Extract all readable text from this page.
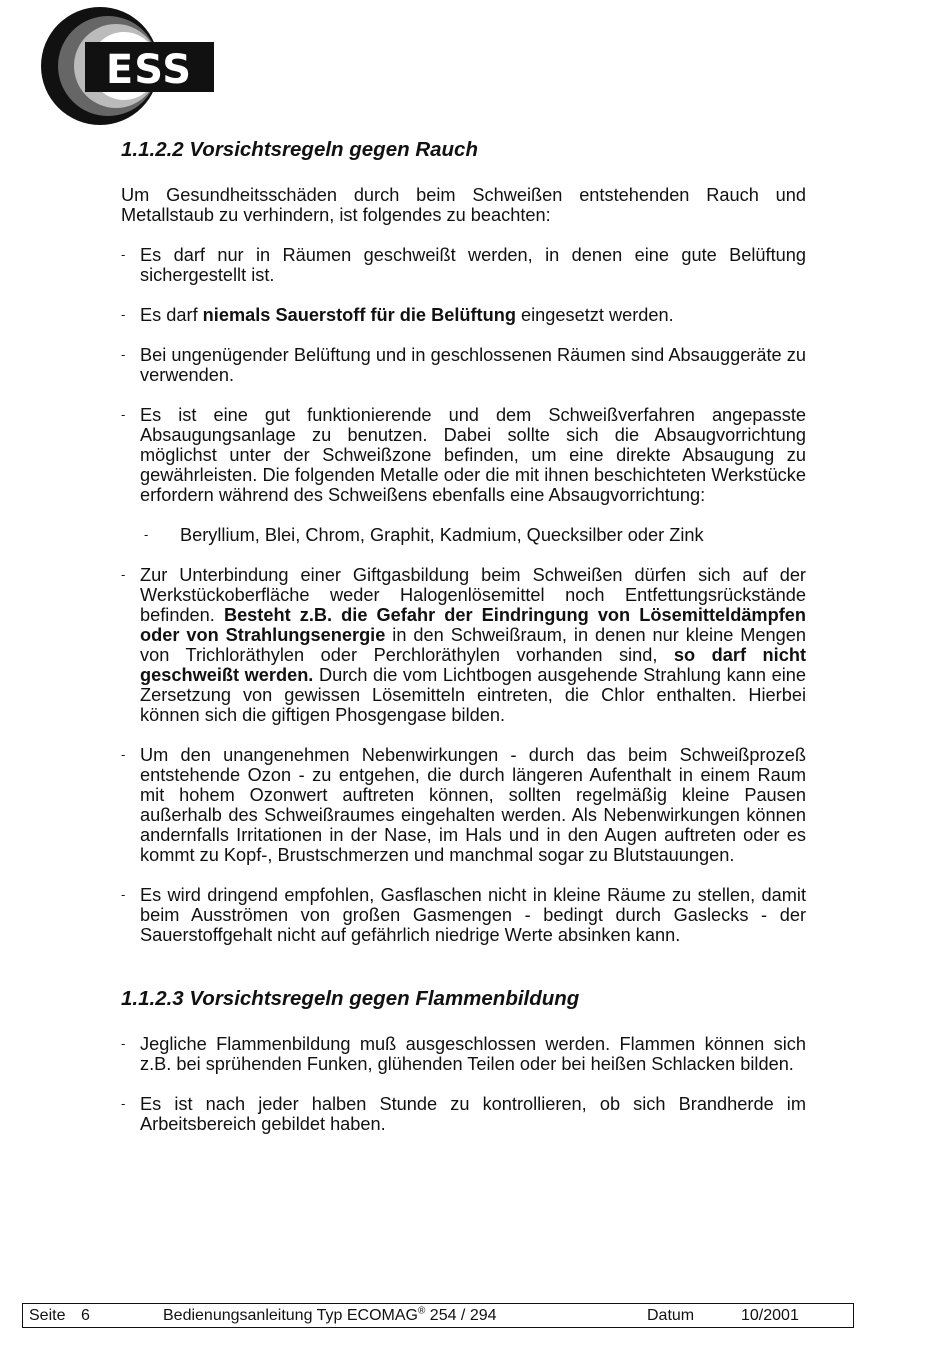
ESS
1.1.2.2 Vorsichtsregeln gegen Rauch

Um Gesundheitsschäden durch beim Schweißen entstehenden Rauch und Metallstaub zu verhindern, ist folgendes zu beachten:

- Es darf nur in Räumen geschweißt werden, in denen eine gute Belüftung sichergestellt ist.
- Es darf niemals Sauerstoff für die Belüftung eingesetzt werden.
- Bei ungenügender Belüftung und in geschlossenen Räumen sind Absauggeräte zu verwenden.
- Es ist eine gut funktionierende und dem Schweißverfahren angepasste Absaugungsanlage zu benutzen. Dabei sollte sich die Absaugvorrichtung möglichst unter der Schweißzone befinden, um eine direkte Absaugung zu gewährleisten. Die folgenden Metalle oder die mit ihnen beschichteten Werkstücke erfordern während des Schweißens ebenfalls eine Absaugvorrichtung:
- Beryllium, Blei, Chrom, Graphit, Kadmium, Quecksilber oder Zink
- Zur Unterbindung einer Giftgasbildung beim Schweißen dürfen sich auf der Werkstückoberfläche weder Halogenlösemittel noch Entfettungsrückstände befinden. Besteht z.B. die Gefahr der Eindringung von Lösemitteldämpfen oder von Strahlungsenergie in den Schweißraum, in denen nur kleine Mengen von Trichloräthylen oder Perchloräthylen vorhanden sind, so darf nicht geschweißt werden. Durch die vom Lichtbogen ausgehende Strahlung kann eine Zersetzung von gewissen Lösemitteln eintreten, die Chlor enthalten. Hierbei können sich die giftigen Phosgengase bilden.
- Um den unangenehmen Nebenwirkungen - durch das beim Schweißprozeß entstehende Ozon - zu entgehen, die durch längeren Aufenthalt in einem Raum mit hohem Ozonwert auftreten können, sollten regelmäßig kleine Pausen außerhalb des Schweißraumes eingehalten werden. Als Nebenwirkungen können andernfalls Irritationen in der Nase, im Hals und in den Augen auftreten oder es kommt zu Kopf-, Brustschmerzen und manchmal sogar zu Blutstauungen.
- Es wird dringend empfohlen, Gasflaschen nicht in kleine Räume zu stellen, damit beim Ausströmen von großen Gasmengen - bedingt durch Gaslecks - der Sauerstoffgehalt nicht auf gefährlich niedrige Werte absinken kann.
1.1.2.3 Vorsichtsregeln gegen Flammenbildung
- Jegliche Flammenbildung muß ausgeschlossen werden. Flammen können sich z.B. bei sprühenden Funken, glühenden Teilen oder bei heißen Schlacken bilden.
- Es ist nach jeder halben Stunde zu kontrollieren, ob sich Brandherde im Arbeitsbereich gebildet haben.
Seite 6	Bedienungsanleitung Typ ECOMAG® 254 / 294	Datum	10/2001
